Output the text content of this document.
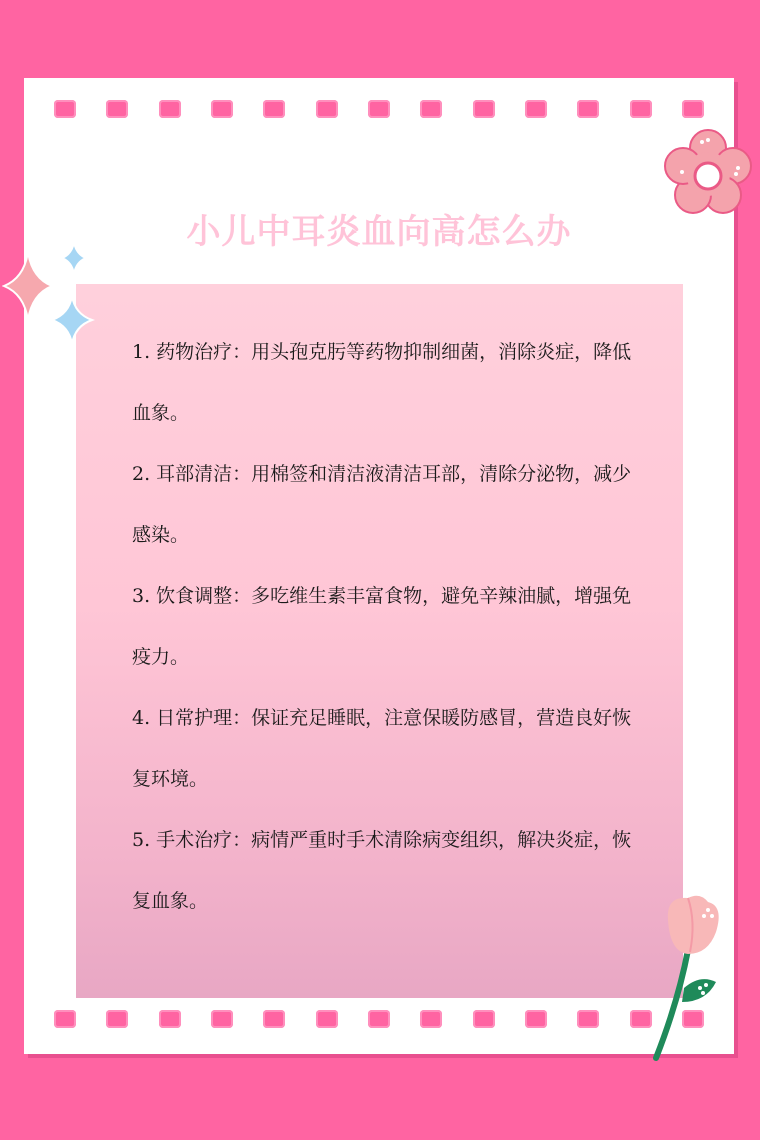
小儿中耳炎血向高怎么办

1. 药物治疗：用头孢克肟等药物抑制细菌，消除炎症，降低血象。

2. 耳部清洁：用棉签和清洁液清洁耳部，清除分泌物，减少感染。

3. 饮食调整：多吃维生素丰富食物，避免辛辣油腻，增强免疫力。

4. 日常护理：保证充足睡眠，注意保暖防感冒，营造良好恢复环境。

5. 手术治疗：病情严重时手术清除病变组织，解决炎症，恢复血象。
